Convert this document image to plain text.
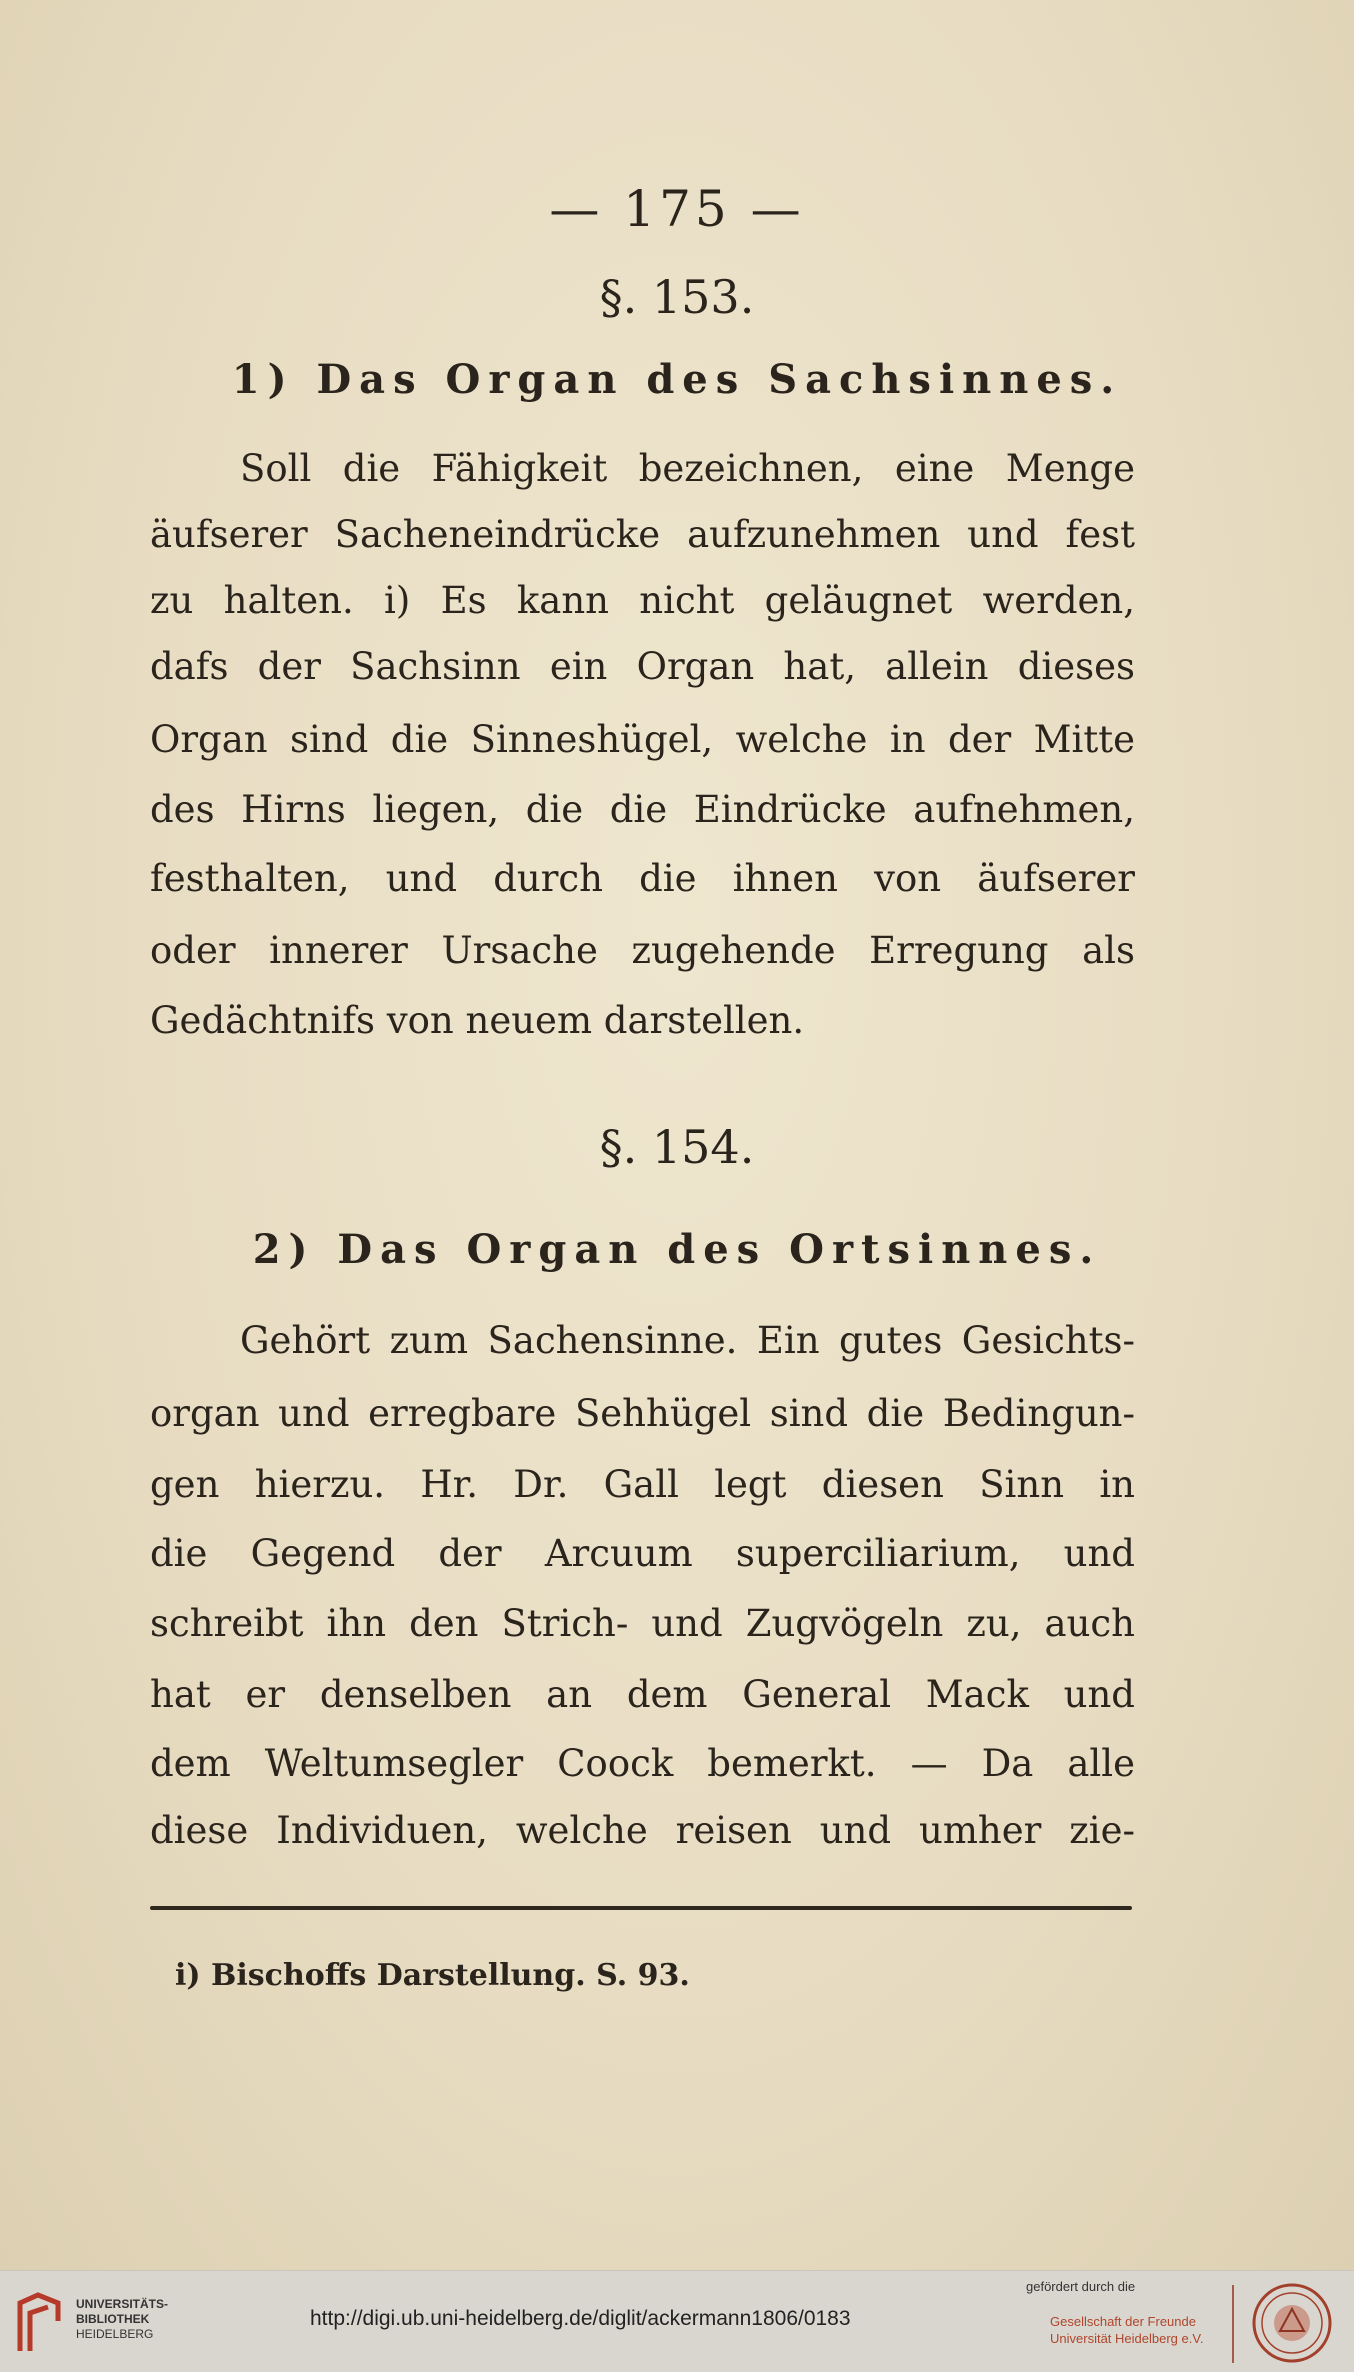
— 175 —
§. 153.
1) Das Organ des Sachsinnes.
Soll die Fähigkeit bezeichnen, eine Menge
äufserer Sacheneindrücke aufzunehmen und fest
zu halten. i) Es kann nicht geläugnet werden,
dafs der Sachsinn ein Organ hat, allein dieses
Organ sind die Sinneshügel, welche in der Mitte
des Hirns liegen, die die Eindrücke aufnehmen,
festhalten, und durch die ihnen von äufserer
oder innerer Ursache zugehende Erregung als
Gedächtnifs von neuem darstellen.
§. 154.
2) Das Organ des Ortsinnes.
Gehört zum Sachensinne. Ein gutes Gesichts-
organ und erregbare Sehhügel sind die Bedingun-
gen hierzu. Hr. Dr. Gall legt diesen Sinn in
die Gegend der Arcuum superciliarium, und
schreibt ihn den Strich- und Zugvögeln zu, auch
hat er denselben an dem General Mack und
dem Weltumsegler Coock bemerkt. — Da alle
diese Individuen, welche reisen und umher zie-
i) Bischoffs Darstellung. S. 93.
UNIVERSITÄTS-
BIBLIOTHEK
HEIDELBERG
http://digi.ub.uni-heidelberg.de/diglit/ackermann1806/0183
gefördert durch die
Gesellschaft der Freunde
Universität Heidelberg e.V.
